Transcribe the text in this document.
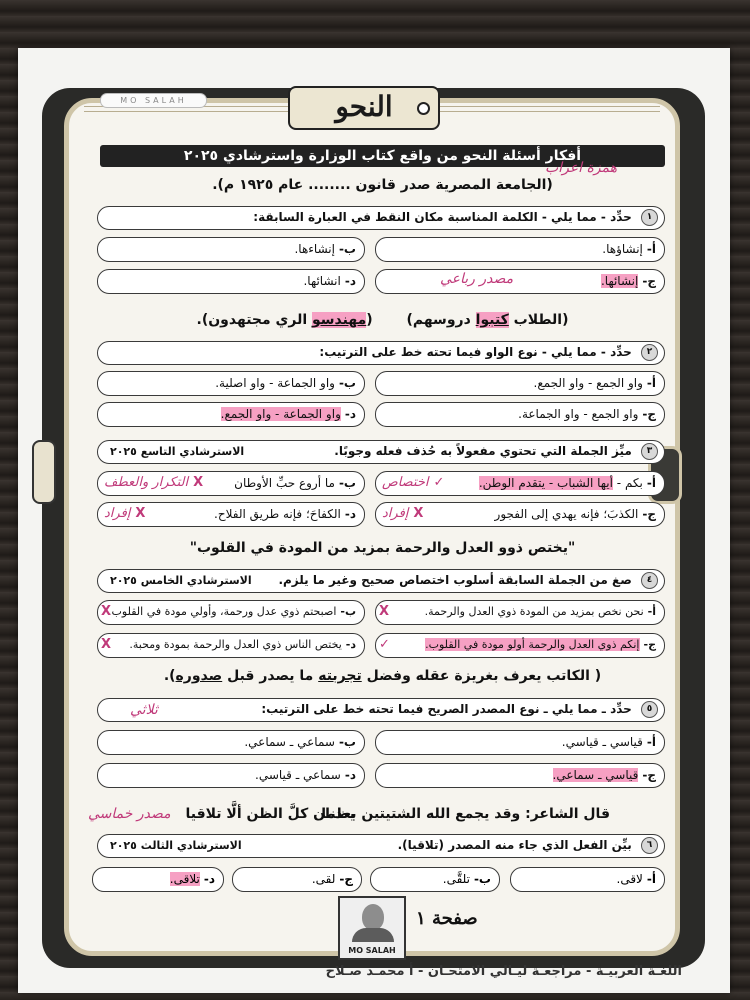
MO SALAH	النحو
أفكار أسئلة النحو من واقع كتاب الوزارة واسترشادي ٢٠٢٥
(الجامعة المصرية صدر قانون ........ عام ١٩٢٥ م).
همزة اعراب
١ حدِّد - مما يلي - الكلمة المناسبة مكان النقط في العبارة السابقة:
أ-إنشاؤها.
ب-إنشاءها.
ج-إنشائها.
مصدر رباعي
د-انشائها.
(الطلاب كتبوا دروسهم)  (مهندسو الري مجتهدون).
٢ حدِّد - مما يلي - نوع الواو فيما تحته خط على الترتيب:
أ-واو الجمع - واو الجمع.
ب-واو الجماعة - واو اصلية.
ج-واو الجمع - واو الجماعة.
د-واو الجماعة - واو الجمع.
٣ ميِّز الجملة التي تحتوي مفعولاً به حُذف فعله وجوبًا.
الاسترشادي التاسع ٢٠٢٥
أ-بكم - أيها الشباب - يتقدم الوطن.
✓اختصاص
ب-ما أروع حبِّ الأوطان
Xالتكرار والعطف
ج-الكذبَ؛ فإنه يهدي إلى الفجور
Xإفراد
د-الكفاحَ؛ فإنه طريق الفلاح.
Xإفراد
"يختص ذوو العدل والرحمة بمزيد من المودة في القلوب"
٤ صغ من الجملة السابقة أسلوب اختصاص صحيح وغير ما يلزم.
الاسترشادي الخامس ٢٠٢٥
أ-نحن نخص بمزيد من المودة ذوي العدل والرحمة.
X
ب-اصبحتم ذوي عدل ورحمة، وأولي مودة في القلوب.
X
ج-إنكم ذوي العدل والرحمة أولو مودة في القلوب.
✓
د-يختص الناس ذوي العدل والرحمة بمودة ومحبة.
X
( الكاتب يعرف بغريزة عقله وفضل تجربته ما يصدر قبل صدوره).
٥ حدِّد ـ مما يلي ـ نوع المصدر الصريح فيما تحته خط على الترتيب:
ثلاثي
أ-قياسي ـ قياسي.
ب-سماعي ـ سماعي.
ج-قياسي ـ سماعي.
د-سماعي ـ قياسي.
قال الشاعر: وقد يجمع الله الشتيتين بعدما
يظنان كلَّ الظن ألَّا تلاقيا
مصدر خماسي
٦ بيِّن الفعل الذي جاء منه المصدر (تلاقيا).
الاسترشادي الثالث ٢٠٢٥
أ-لاقى.
ب-تلقَّى.
ج-لقى.
د-تلاقى.
MO SALAH
صفحة ١
اللغـة العربيـة - مراجعـة ليـالي الامتحـان - أ محمـد صـلاح
